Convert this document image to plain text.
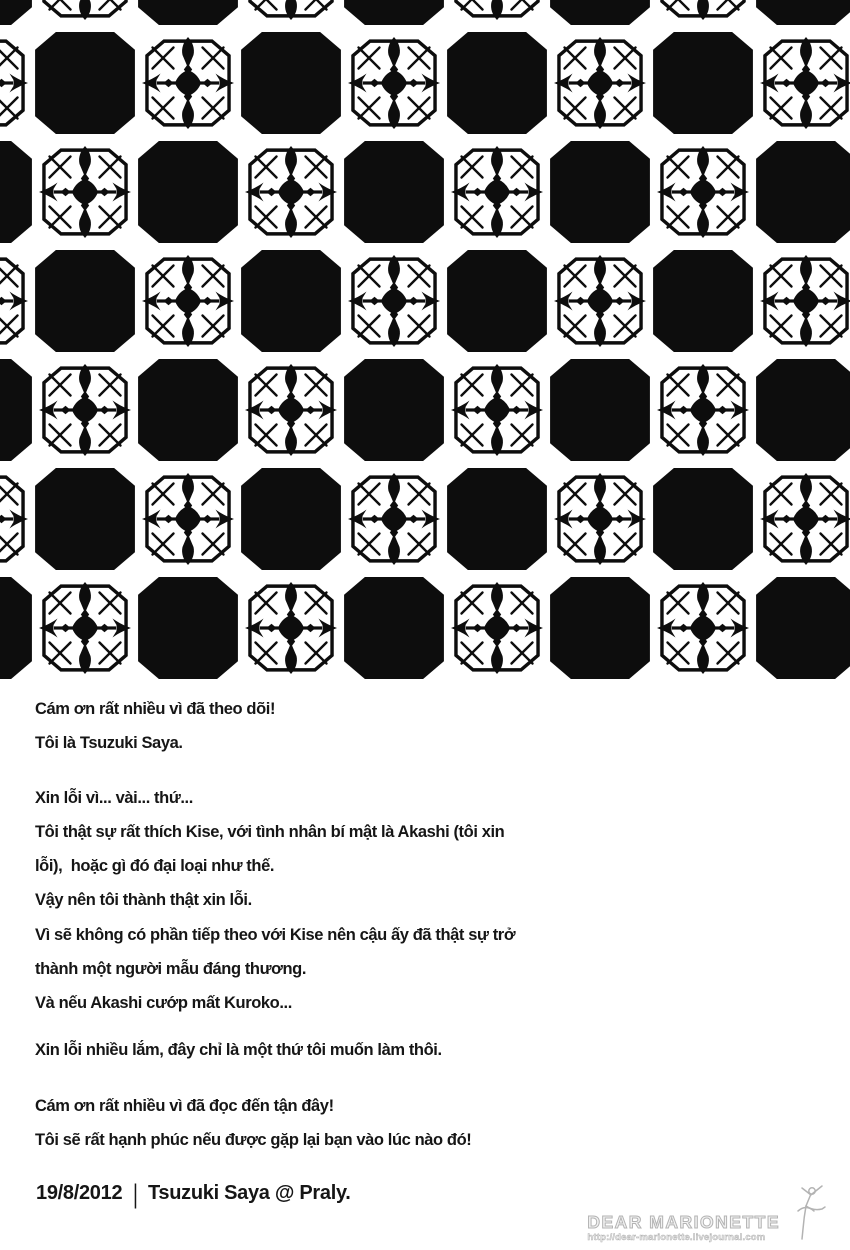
Cám ơn rất nhiều vì đã theo dõi!
Tôi là Tsuzuki Saya.

Xin lỗi vì... vài... thứ...
Tôi thật sự rất thích Kise, với tình nhân bí mật là Akashi (tôi xin
lỗi),  hoặc gì đó đại loại như thế.
Vậy nên tôi thành thật xin lỗi.

Vì sẽ không có phần tiếp theo với Kise nên cậu ấy đã thật sự trở
thành một người mẫu đáng thương.
Và nếu Akashi cướp mất Kuroko...

Xin lỗi nhiều lắm, đây chỉ là một thứ tôi muốn làm thôi.

Cám ơn rất nhiều vì đã đọc đến tận đây!
Tôi sẽ rất hạnh phúc nếu được gặp lại bạn vào lúc nào đó!

19/8/2012 | Tsuzuki Saya @ Praly.
DEAR MARIONETTE
http://dear-marionette.livejournal.com
